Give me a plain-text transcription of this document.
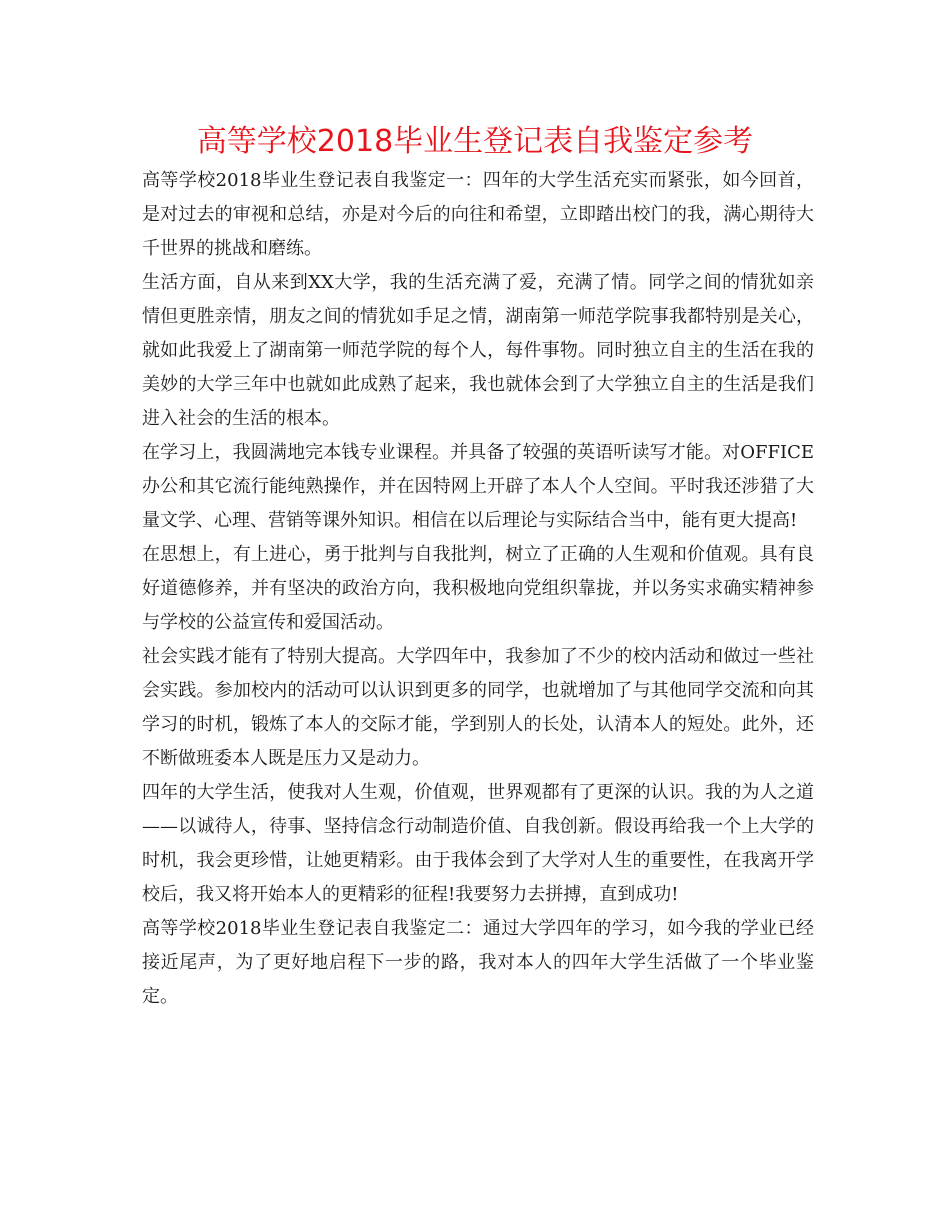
高等学校2018毕业生登记表自我鉴定参考

高等学校2018毕业生登记表自我鉴定一：四年的大学生活充实而紧张，如今回首，是对过去的审视和总结，亦是对今后的向往和希望，立即踏出校门的我，满心期待大千世界的挑战和磨练。

生活方面，自从来到XX大学，我的生活充满了爱，充满了情。同学之间的情犹如亲情但更胜亲情，朋友之间的情犹如手足之情，湖南第一师范学院事我都特别是关心，就如此我爱上了湖南第一师范学院的每个人，每件事物。同时独立自主的生活在我的美妙的大学三年中也就如此成熟了起来，我也就体会到了大学独立自主的生活是我们进入社会的生活的根本。

在学习上，我圆满地完本钱专业课程。并具备了较强的英语听读写才能。对OFFICE办公和其它流行能纯熟操作，并在因特网上开辟了本人个人空间。平时我还涉猎了大量文学、心理、营销等课外知识。相信在以后理论与实际结合当中，能有更大提高!

在思想上，有上进心，勇于批判与自我批判，树立了正确的人生观和价值观。具有良好道德修养，并有坚决的政治方向，我积极地向党组织靠拢，并以务实求确实精神参与学校的公益宣传和爱国活动。

社会实践才能有了特别大提高。大学四年中，我参加了不少的校内活动和做过一些社会实践。参加校内的活动可以认识到更多的同学，也就增加了与其他同学交流和向其学习的时机，锻炼了本人的交际才能，学到别人的长处，认清本人的短处。此外，还不断做班委本人既是压力又是动力。

四年的大学生活，使我对人生观，价值观，世界观都有了更深的认识。我的为人之道——以诚待人，待事、坚持信念行动制造价值、自我创新。假设再给我一个上大学的时机，我会更珍惜，让她更精彩。由于我体会到了大学对人生的重要性，在我离开学校后，我又将开始本人的更精彩的征程!我要努力去拼搏，直到成功!

高等学校2018毕业生登记表自我鉴定二：通过大学四年的学习，如今我的学业已经接近尾声，为了更好地启程下一步的路，我对本人的四年大学生活做了一个毕业鉴定。
